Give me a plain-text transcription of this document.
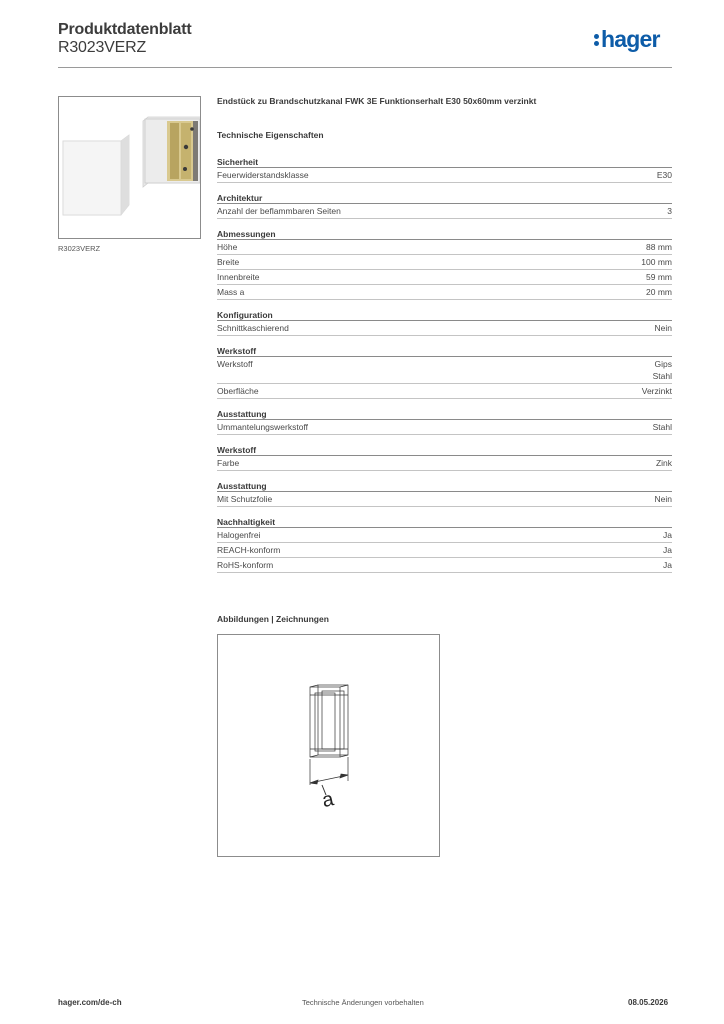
Produktdatenblatt
R3023VERZ	hager
R3023VERZ
Endstück zu Brandschutzkanal FWK 3E Funktionserhalt E30 50x60mm verzinkt
Technische Eigenschaften
Sicherheit
Feuerwiderstandsklasse	E30
Architektur
Anzahl der beflammbaren Seiten	3
Abmessungen
Höhe	88 mm
Breite	100 mm
Innenbreite	59 mm
Mass a	20 mm
Konfiguration
Schnittkaschierend	Nein
Werkstoff
Werkstoff	Gips
Stahl
Oberfläche	Verzinkt
Ausstattung
Ummantelungswerkstoff	Stahl
Werkstoff
Farbe	Zink
Ausstattung
Mit Schutzfolie	Nein
Nachhaltigkeit
Halogenfrei	Ja
REACH-konform	Ja
RoHS-konform	Ja
Abbildungen | Zeichnungen
a
hager.com/de-ch	Technische Änderungen vorbehalten	08.05.2026
